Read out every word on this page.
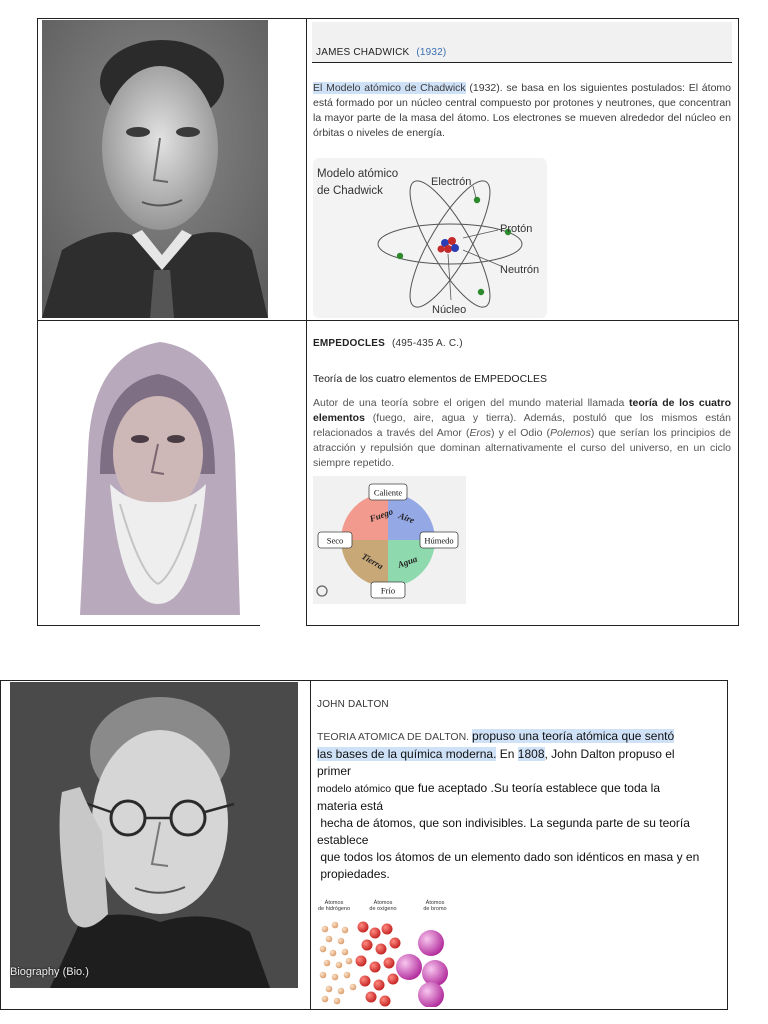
JAMES CHADWICK (1932)
El Modelo atómico de Chadwick (1932). se basa en los siguientes postulados: El átomo está formado por un núcleo central compuesto por protones y neutrones, que concentran la mayor parte de la masa del átomo. Los electrones se mueven alrededor del núcleo en órbitas o niveles de energía.
Modelo atómico
de Chadwick
Electrón
Protón
Neutrón
Núcleo
EMPEDOCLES (495-435 A. C.)
Teoría de los cuatro elementos de EMPEDOCLES
Autor de una teoría sobre el origen del mundo material llamada teoría de los cuatro elementos (fuego, aire, agua y tierra). Además, postuló que los mismos están relacionados a través del Amor (Eros) y el Odio (Polemos) que serían los principios de atracción y repulsión que dominan alternativamente el curso del universo, en un ciclo siempre repetido.
Fuego Aire
Tierra Agua
Caliente
Seco	Húmedo
Frío
Biography (Bio.)
JOHN DALTON
TEORIA ATOMICA DE DALTON. propuso una teoría atómica que sentó
las bases de la química moderna. En 1808, John Dalton propuso el
primer
modelo atómico que fue aceptado .Su teoría establece que toda la
materia está
hecha de átomos, que son indivisibles. La segunda parte de su teoría
establece
que todos los átomos de un elemento dado son idénticos en masa y en
propiedades.
Átomos de hidrógeno
Átomos de oxígeno
Átomos de bromo
